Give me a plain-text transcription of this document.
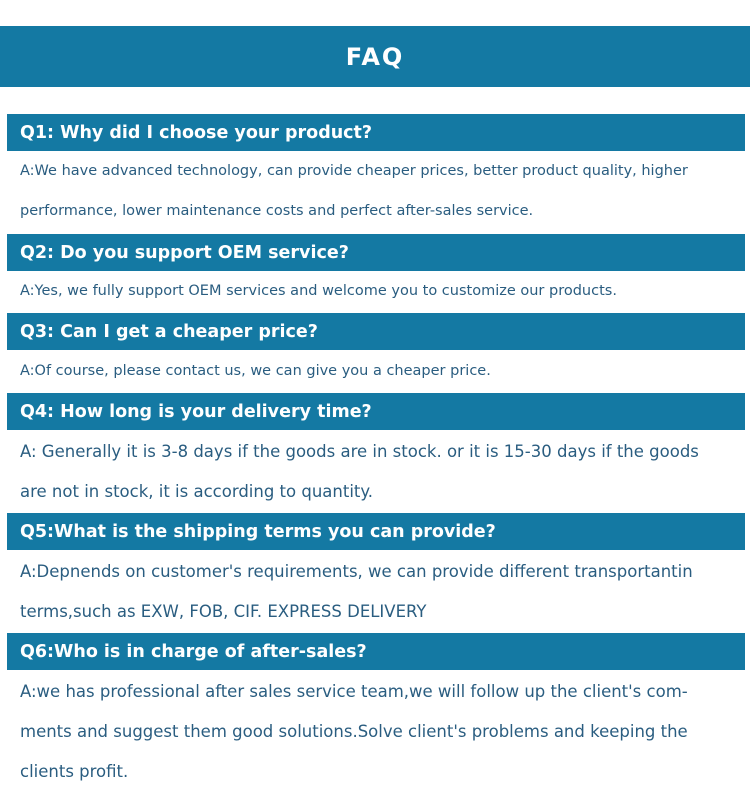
FAQ
Q1: Why did I choose your product?
A:We have advanced technology, can provide cheaper prices, better product quality, higher
performance, lower maintenance costs and perfect after-sales service.
Q2: Do you support OEM service?
A:Yes, we fully support OEM services and welcome you to customize our products.
Q3: Can I get a cheaper price?
A:Of course, please contact us, we can give you a cheaper price.
Q4: How long is your delivery time?
A: Generally it is 3-8 days if the goods are in stock. or it is 15-30 days if the goods
are not in stock, it is according to quantity.
Q5:What is the shipping terms you can provide?
A:Depnends on customer's requirements, we can provide different transportantin
terms,such as EXW, FOB, CIF. EXPRESS DELIVERY
Q6:Who is in charge of after-sales?
A:we has professional after sales service team,we will follow up the client's com-
ments and suggest them good solutions.Solve client's problems and keeping the
clients profit.
